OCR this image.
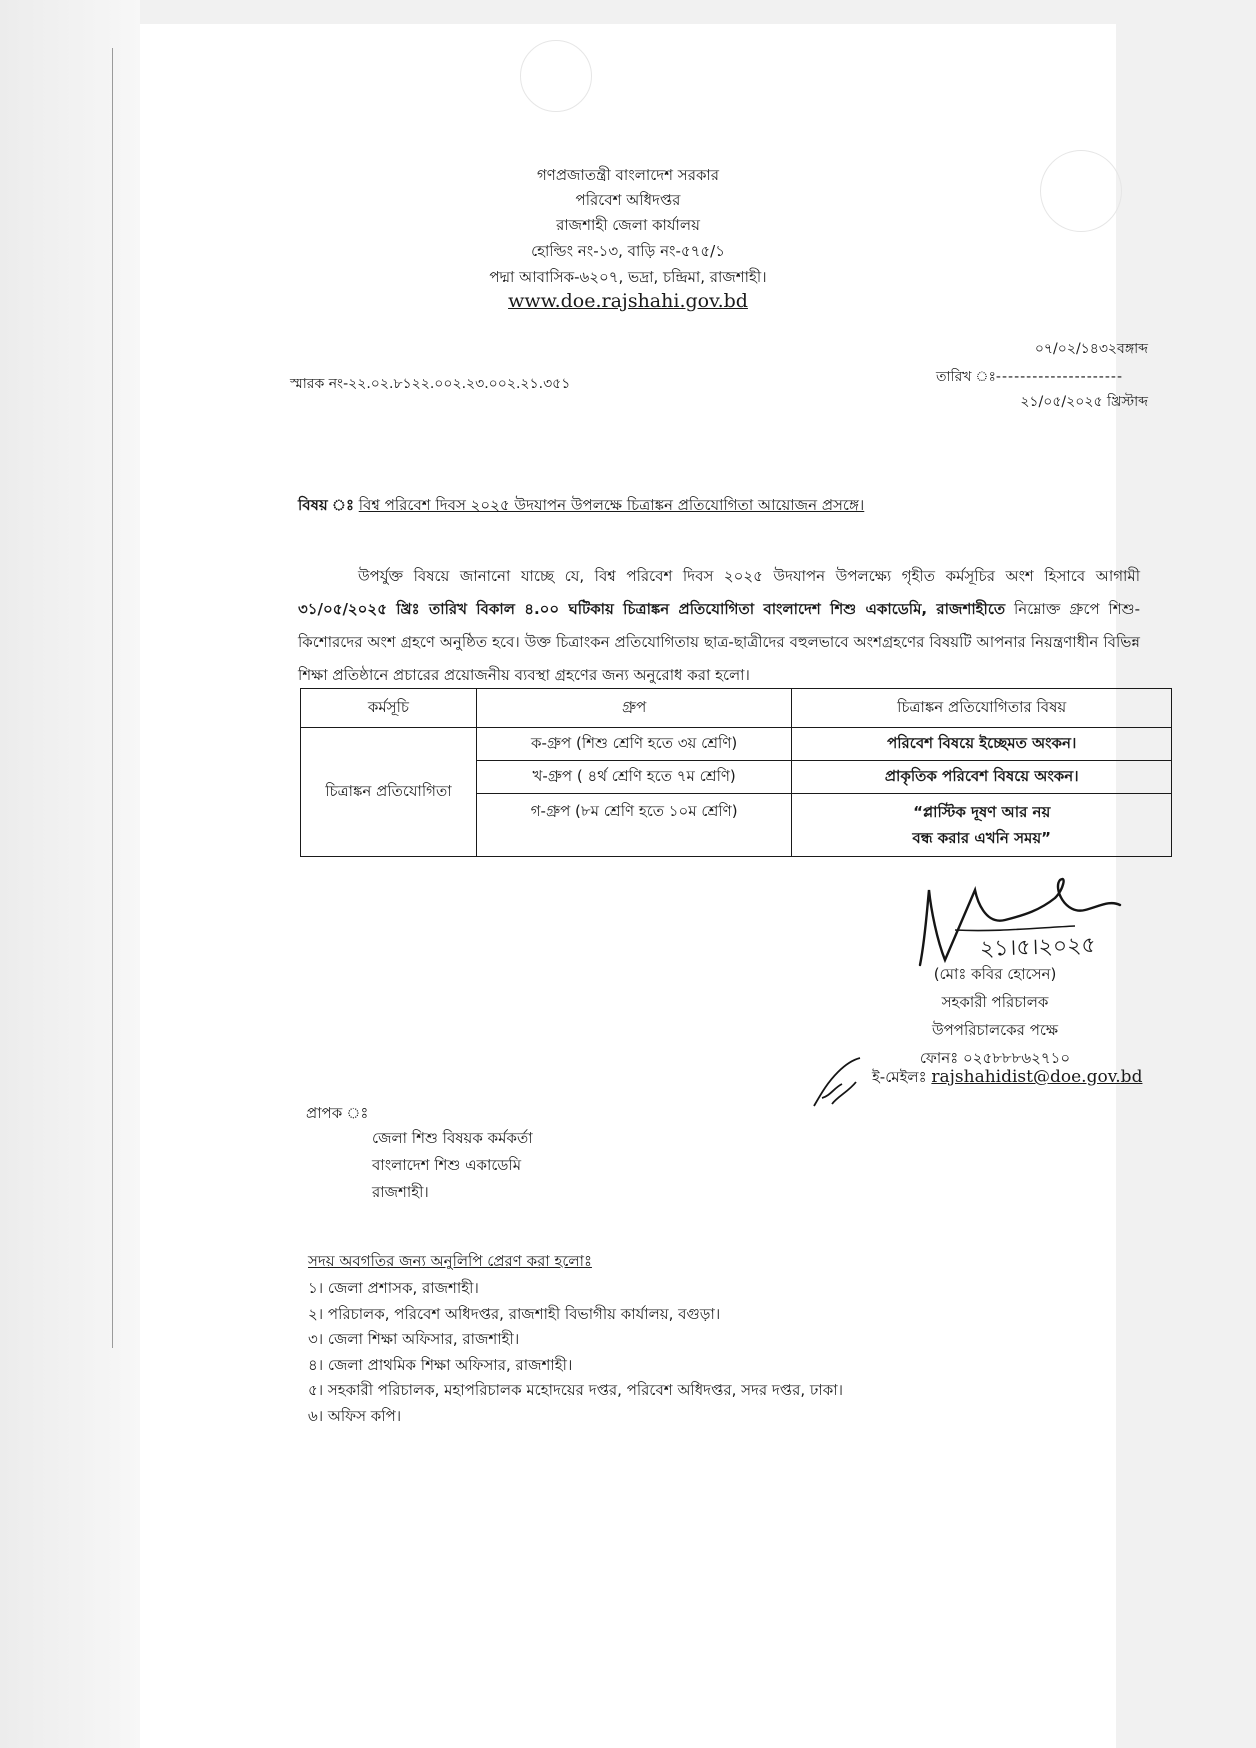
গণপ্রজাতন্ত্রী বাংলাদেশ সরকার
পরিবেশ অধিদপ্তর
রাজশাহী জেলা কার্যালয়
হোল্ডিং নং-১৩, বাড়ি নং-৫৭৫/১
পদ্মা আবাসিক-৬২০৭, ভদ্রা, চন্দ্রিমা, রাজশাহী।
www.doe.rajshahi.gov.bd
০৭/০২/১৪৩২বঙ্গাব্দ
তারিখ ঃ---------------------
স্মারক নং-২২.০২.৮১২২.০০২.২৩.০০২.২১.৩৫১
২১/০৫/২০২৫ খ্রিস্টাব্দ
বিষয় ঃ বিশ্ব পরিবেশ দিবস ২০২৫ উদযাপন উপলক্ষে চিত্রাঙ্কন প্রতিযোগিতা আয়োজন প্রসঙ্গে।
উপর্যুক্ত বিষয়ে জানানো যাচ্ছে যে, বিশ্ব পরিবেশ দিবস ২০২৫ উদযাপন উপলক্ষ্যে গৃহীত কর্মসূচির অংশ হিসাবে আগামী ৩১/০৫/২০২৫ খ্রিঃ তারিখ বিকাল ৪.০০ ঘটিকায় চিত্রাঙ্কন প্রতিযোগিতা বাংলাদেশ শিশু একাডেমি, রাজশাহীতে নিম্নোক্ত গ্রুপে শিশু-কিশোরদের অংশ গ্রহণে অনুষ্ঠিত হবে। উক্ত চিত্রাংকন প্রতিযোগিতায় ছাত্র-ছাত্রীদের বহুলভাবে অংশগ্রহণের বিষয়টি আপনার নিয়ন্ত্রণাধীন বিভিন্ন শিক্ষা প্রতিষ্ঠানে প্রচারের প্রয়োজনীয় ব্যবস্থা গ্রহণের জন্য অনুরোধ করা হলো।
কর্মসূচি	গ্রুপ	চিত্রাঙ্কন প্রতিযোগিতার বিষয়
চিত্রাঙ্কন প্রতিযোগিতা	ক-গ্রুপ (শিশু শ্রেণি হতে ৩য় শ্রেণি)	পরিবেশ বিষয়ে ইচ্ছেমত অংকন।
	খ-গ্রুপ ( ৪র্থ শ্রেণি হতে ৭ম শ্রেণি)	প্রাকৃতিক পরিবেশ বিষয়ে অংকন।
	গ-গ্রুপ (৮ম শ্রেণি হতে ১০ম শ্রেণি)	“প্লাস্টিক দূষণ আর নয়
বন্ধ করার এখনি সময়”
২১।৫।২০২৫
(মোঃ কবির হোসেন)
সহকারী পরিচালক
উপপরিচালকের পক্ষে
ফোনঃ ০২৫৮৮৮৬২৭১০
ই-মেইলঃ rajshahidist@doe.gov.bd
প্রাপক ঃ
জেলা শিশু বিষয়ক কর্মকর্তা
বাংলাদেশ শিশু একাডেমি
রাজশাহী।
সদয় অবগতির জন্য অনুলিপি প্রেরণ করা হলোঃ
১। জেলা প্রশাসক, রাজশাহী।
২। পরিচালক, পরিবেশ অধিদপ্তর, রাজশাহী বিভাগীয় কার্যালয়, বগুড়া।
৩। জেলা শিক্ষা অফিসার, রাজশাহী।
৪। জেলা প্রাথমিক শিক্ষা অফিসার, রাজশাহী।
৫। সহকারী পরিচালক, মহাপরিচালক মহোদয়ের দপ্তর, পরিবেশ অধিদপ্তর, সদর দপ্তর, ঢাকা।
৬। অফিস কপি।
